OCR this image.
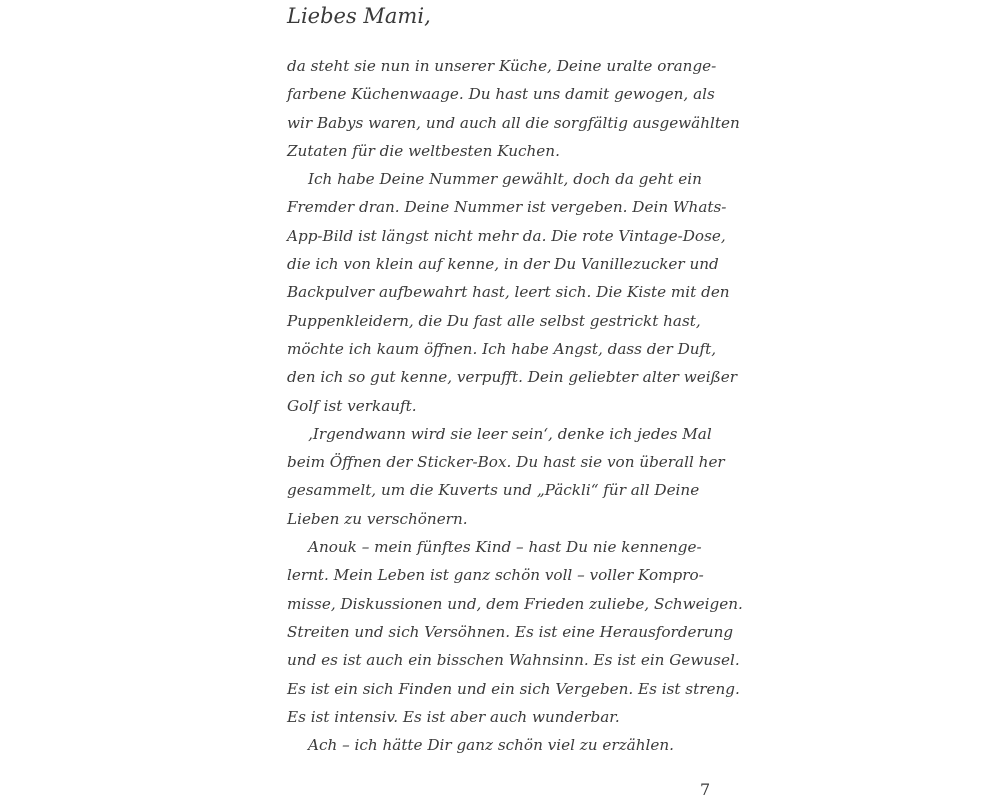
Liebes Mami,
da steht sie nun in unserer Küche, Deine uralte orange-
farbene Küchenwaage. Du hast uns damit gewogen, als
wir Babys waren, und auch all die sorgfältig ausgewählten
Zutaten für die weltbesten Kuchen.
Ich habe Deine Nummer gewählt, doch da geht ein
Fremder dran. Deine Nummer ist vergeben. Dein Whats-
App-Bild ist längst nicht mehr da. Die rote Vintage-Dose,
die ich von klein auf kenne, in der Du Vanillezucker und
Backpulver aufbewahrt hast, leert sich. Die Kiste mit den
Puppenkleidern, die Du fast alle selbst gestrickt hast,
möchte ich kaum öffnen. Ich habe Angst, dass der Duft,
den ich so gut kenne, verpufft. Dein geliebter alter weißer
Golf ist verkauft.
‚Irgendwann wird sie leer sein‘, denke ich jedes Mal
beim Öffnen der Sticker-Box. Du hast sie von überall her
gesammelt, um die Kuverts und „Päckli“ für all Deine
Lieben zu verschönern.
Anouk – mein fünftes Kind – hast Du nie kennenge-
lernt. Mein Leben ist ganz schön voll – voller Kompro-
misse, Diskussionen und, dem Frieden zuliebe, Schweigen.
Streiten und sich Versöhnen. Es ist eine Herausforderung
und es ist auch ein bisschen Wahnsinn. Es ist ein Gewusel.
Es ist ein sich Finden und ein sich Vergeben. Es ist streng.
Es ist intensiv. Es ist aber auch wunderbar.
Ach – ich hätte Dir ganz schön viel zu erzählen.
7
